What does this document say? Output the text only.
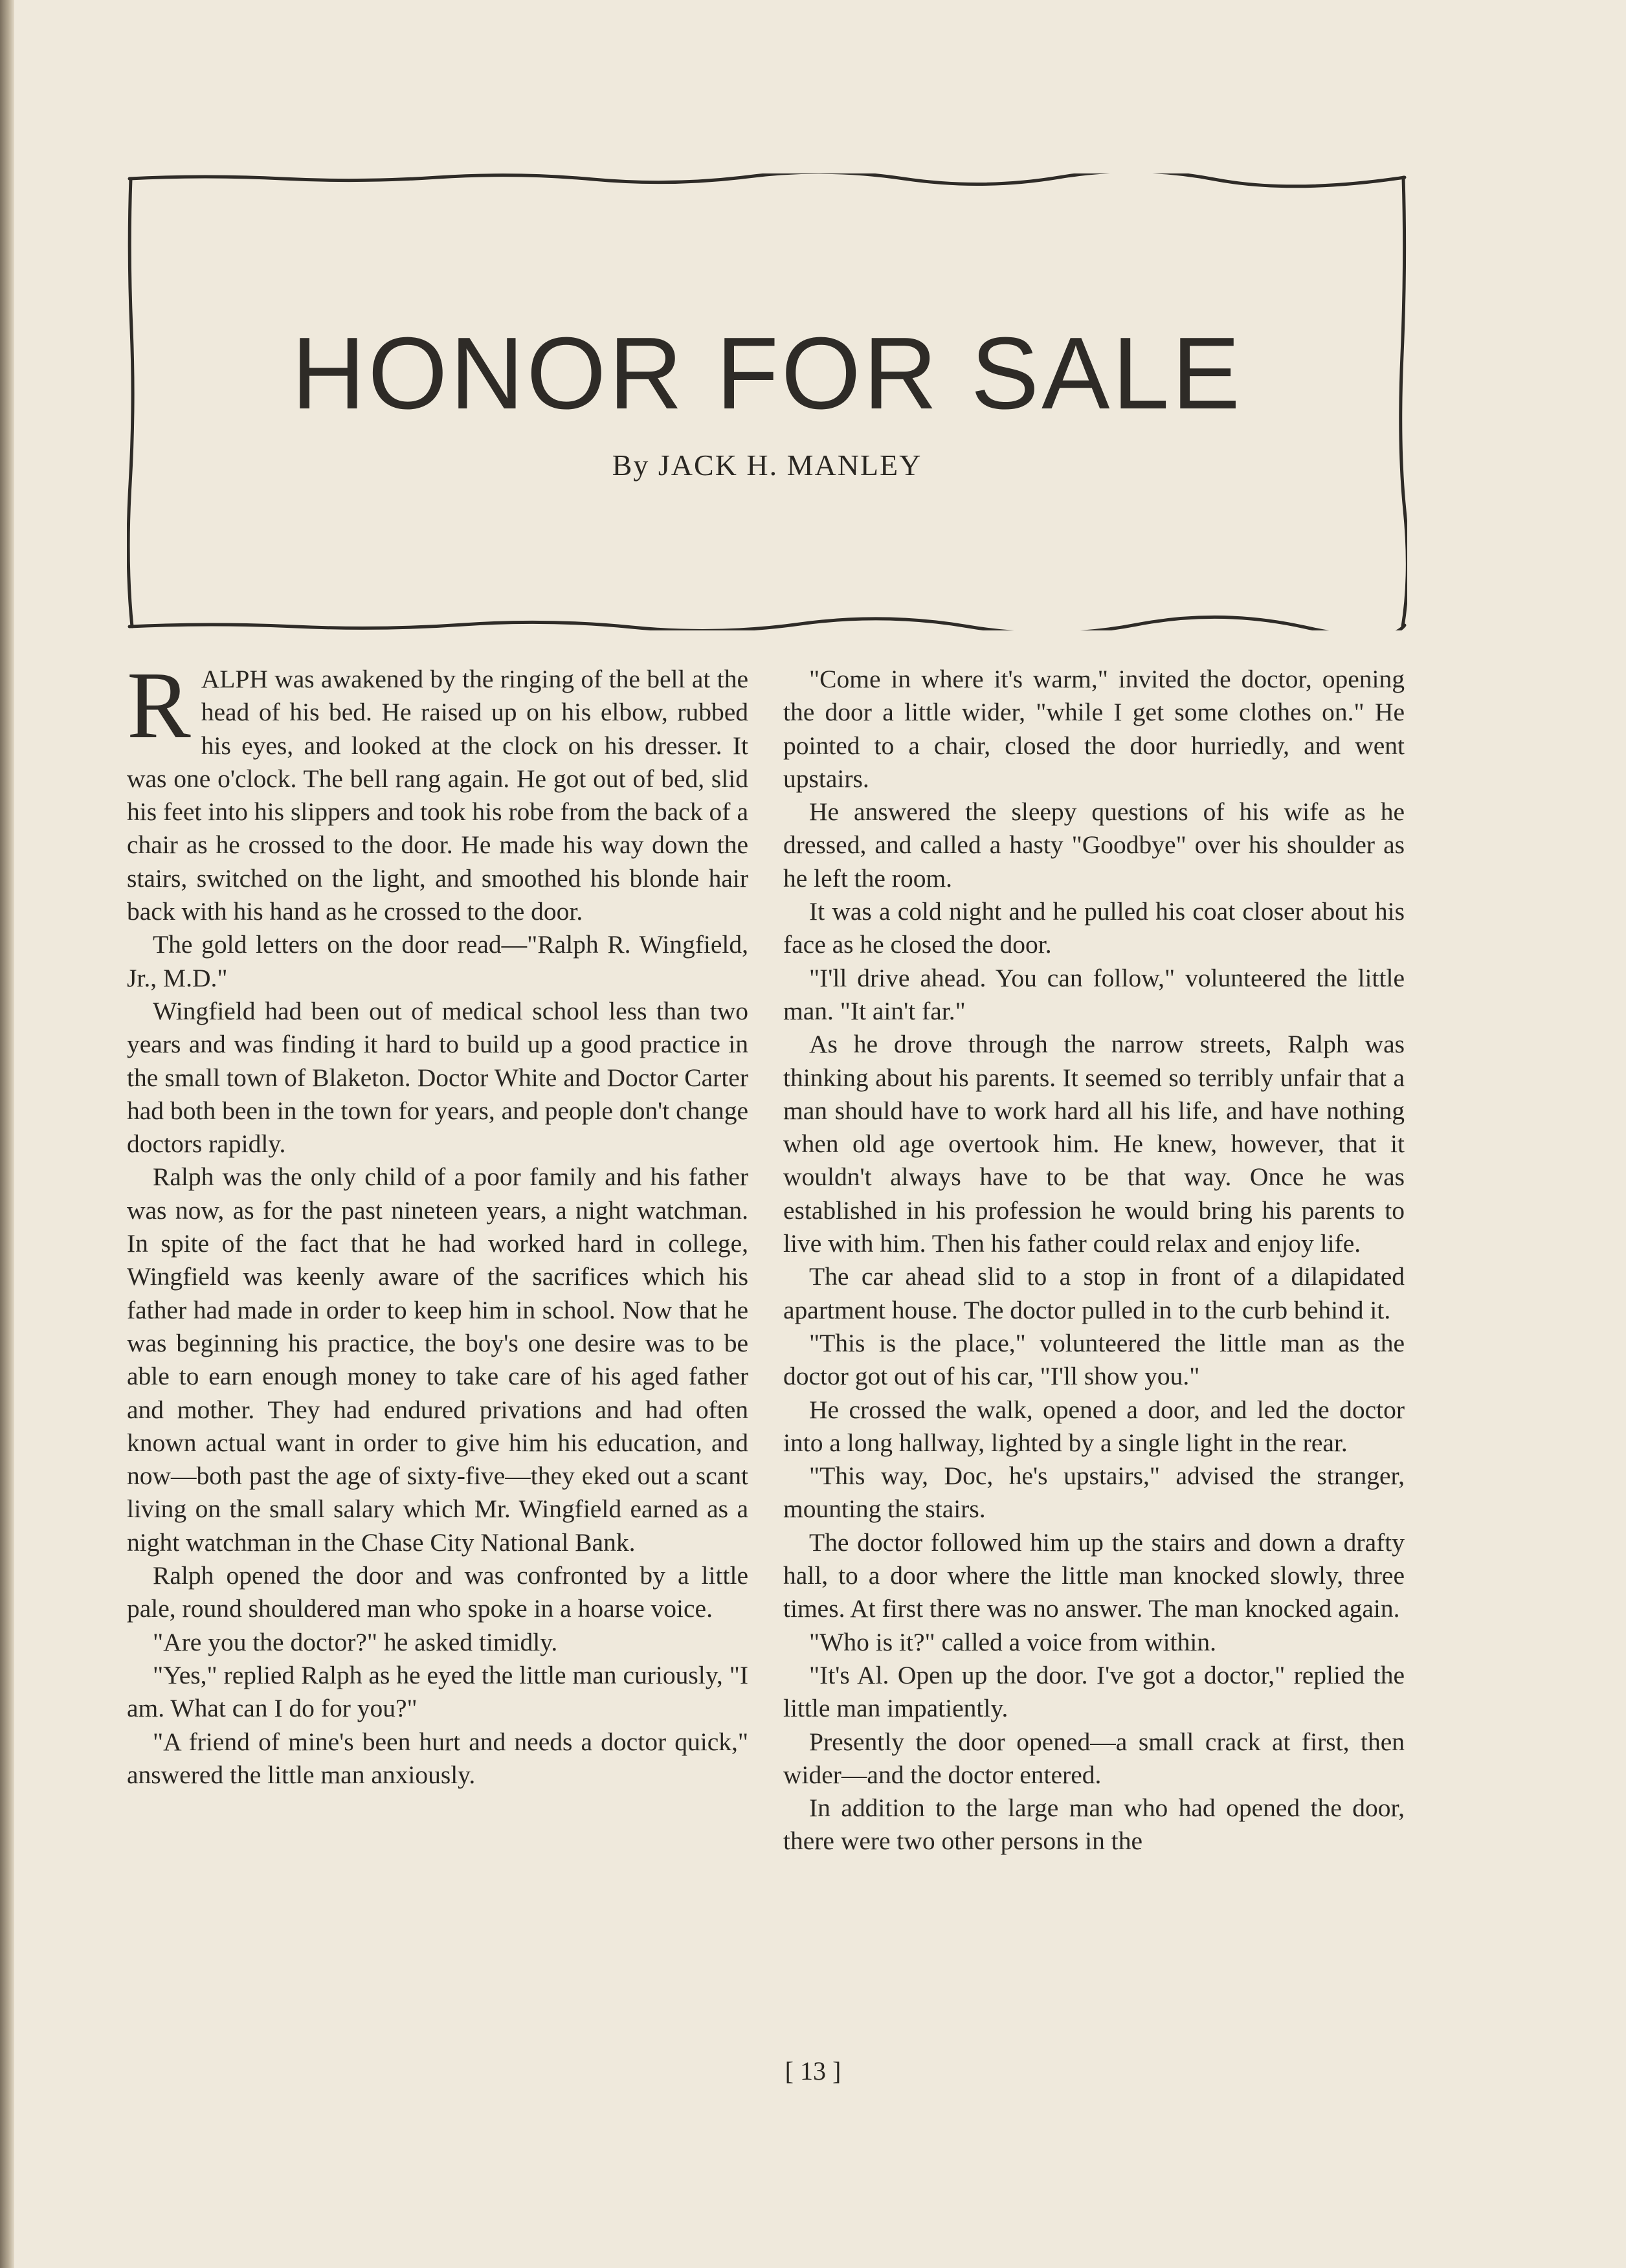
HONOR FOR SALE
By JACK H. MANLEY

RALPH was awakened by the ringing of the bell at the head of his bed. He raised up on his elbow, rubbed his eyes, and looked at the clock on his dresser. It was one o'clock. The bell rang again. He got out of bed, slid his feet into his slippers and took his robe from the back of a chair as he crossed to the door. He made his way down the stairs, switched on the light, and smoothed his blonde hair back with his hand as he crossed to the door.

The gold letters on the door read—"Ralph R. Wingfield, Jr., M.D."

Wingfield had been out of medical school less than two years and was finding it hard to build up a good practice in the small town of Blaketon. Doctor White and Doctor Carter had both been in the town for years, and people don't change doctors rapidly.

Ralph was the only child of a poor family and his father was now, as for the past nineteen years, a night watchman. In spite of the fact that he had worked hard in college, Wingfield was keenly aware of the sacrifices which his father had made in order to keep him in school. Now that he was beginning his practice, the boy's one desire was to be able to earn enough money to take care of his aged father and mother. They had endured privations and had often known actual want in order to give him his education, and now—both past the age of sixty-five—they eked out a scant living on the small salary which Mr. Wingfield earned as a night watchman in the Chase City National Bank.

Ralph opened the door and was confronted by a little pale, round shouldered man who spoke in a hoarse voice.

"Are you the doctor?" he asked timidly.

"Yes," replied Ralph as he eyed the little man curiously, "I am. What can I do for you?"

"A friend of mine's been hurt and needs a doctor quick," answered the little man anxiously.

"Come in where it's warm," invited the doctor, opening the door a little wider, "while I get some clothes on." He pointed to a chair, closed the door hurriedly, and went upstairs.

He answered the sleepy questions of his wife as he dressed, and called a hasty "Goodbye" over his shoulder as he left the room.

It was a cold night and he pulled his coat closer about his face as he closed the door.

"I'll drive ahead. You can follow," volunteered the little man. "It ain't far."

As he drove through the narrow streets, Ralph was thinking about his parents. It seemed so terribly unfair that a man should have to work hard all his life, and have nothing when old age overtook him. He knew, however, that it wouldn't always have to be that way. Once he was established in his profession he would bring his parents to live with him. Then his father could relax and enjoy life.

The car ahead slid to a stop in front of a dilapidated apartment house. The doctor pulled in to the curb behind it.

"This is the place," volunteered the little man as the doctor got out of his car, "I'll show you."

He crossed the walk, opened a door, and led the doctor into a long hallway, lighted by a single light in the rear.

"This way, Doc, he's upstairs," advised the stranger, mounting the stairs.

The doctor followed him up the stairs and down a drafty hall, to a door where the little man knocked slowly, three times. At first there was no answer. The man knocked again.

"Who is it?" called a voice from within.

"It's Al. Open up the door. I've got a doctor," replied the little man impatiently.

Presently the door opened—a small crack at first, then wider—and the doctor entered.

In addition to the large man who had opened the door, there were two other persons in the

[ 13 ]
